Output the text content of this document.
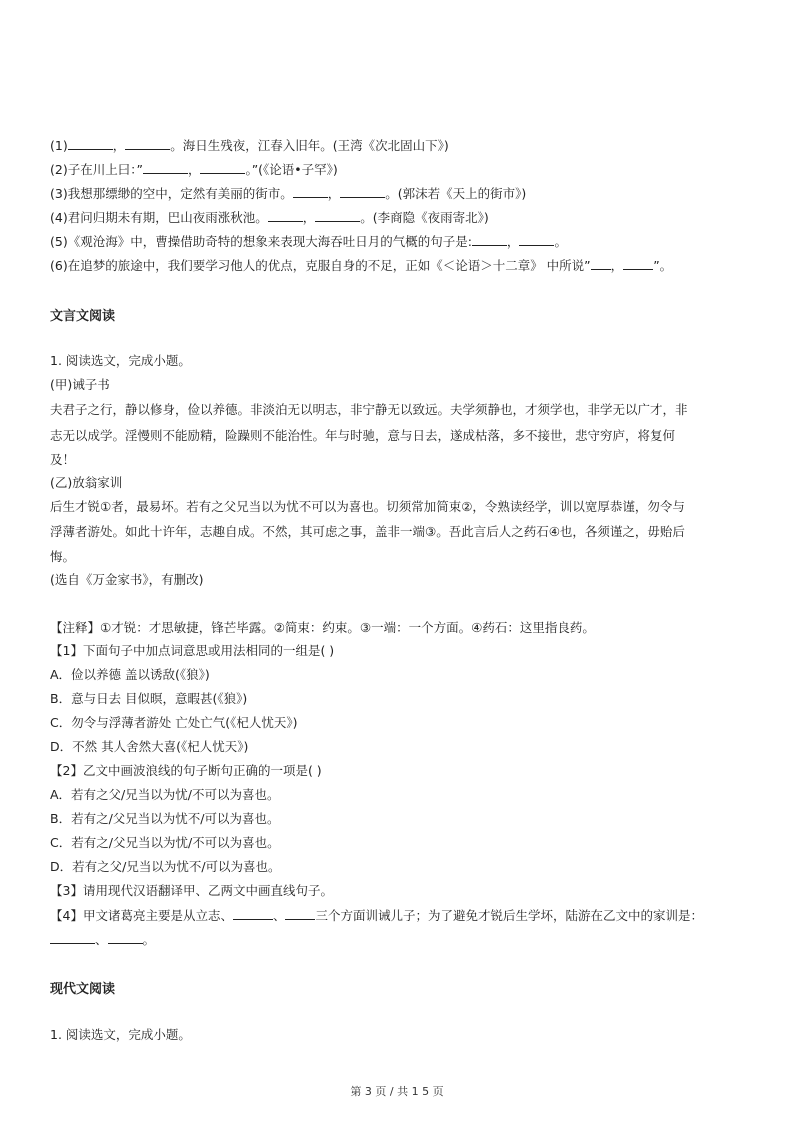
(1)	，	。海日生残夜，江春入旧年。(王湾《次北固山下》)
(2)子在川上曰：”	，	。”(《论语•子罕》)
(3)我想那缥缈的空中，定然有美丽的街市。	，	。(郭沫若《天上的街市》)
(4)君问归期未有期，巴山夜雨涨秋池。	，	。(李商隐《夜雨寄北》)
(5)《观沧海》中，曹操借助奇特的想象来表现大海吞吐日月的气概的句子是:	，	。
(6)在追梦的旅途中，我们要学习他人的优点，克服自身的不足，正如《＜论语＞十二章》 中所说” ， ”。
文言文阅读
1. 阅读选文，完成小题。
(甲)诫子书
夫君子之行，静以修身，俭以养德。非淡泊无以明志，非宁静无以致远。夫学须静也，才须学也，非学无以广才，非
志无以成学。淫慢则不能励精，险躁则不能治性。年与时驰，意与日去，遂成枯落，多不接世，悲守穷庐，将复何
及！
(乙)放翁家训
后生才锐①者，最易坏。若有之父兄当以为忧不可以为喜也。切须常加简束②，令熟读经学，训以宽厚恭谨，勿令与
浮薄者游处。如此十许年，志趣自成。不然，其可虑之事，盖非一端③。吾此言后人之药石④也，各须谨之，毋贻后
悔。
(选自《万金家书》，有删改)
【注释】①才锐：才思敏捷，锋芒毕露。②简束：约束。③一端：一个方面。④药石：这里指良药。
【1】下面句子中加点词意思或用法相同的一组是( )
A．俭以养德 盖以诱敌(《狼》)
B．意与日去 目似暝，意暇甚(《狼》)
C．勿令与浮薄者游处 亡处亡气(《杞人忧天》)
D．不然 其人舍然大喜(《杞人忧天》)
【2】乙文中画波浪线的句子断句正确的一项是( )
A．若有之父/兄当以为忧/不可以为喜也。
B．若有之/父兄当以为忧不/可以为喜也。
C．若有之/父兄当以为忧/不可以为喜也。
D．若有之父/兄当以为忧不/可以为喜也。
【3】请用现代汉语翻译甲、乙两文中画直线句子。
【4】甲文诸葛亮主要是从立志、	、 三个方面训诫儿子；为了避免才锐后生学坏，陆游在乙文中的家训是：
、	。
现代文阅读
1. 阅读选文，完成小题。
第 3 页 / 共 1 5 页
